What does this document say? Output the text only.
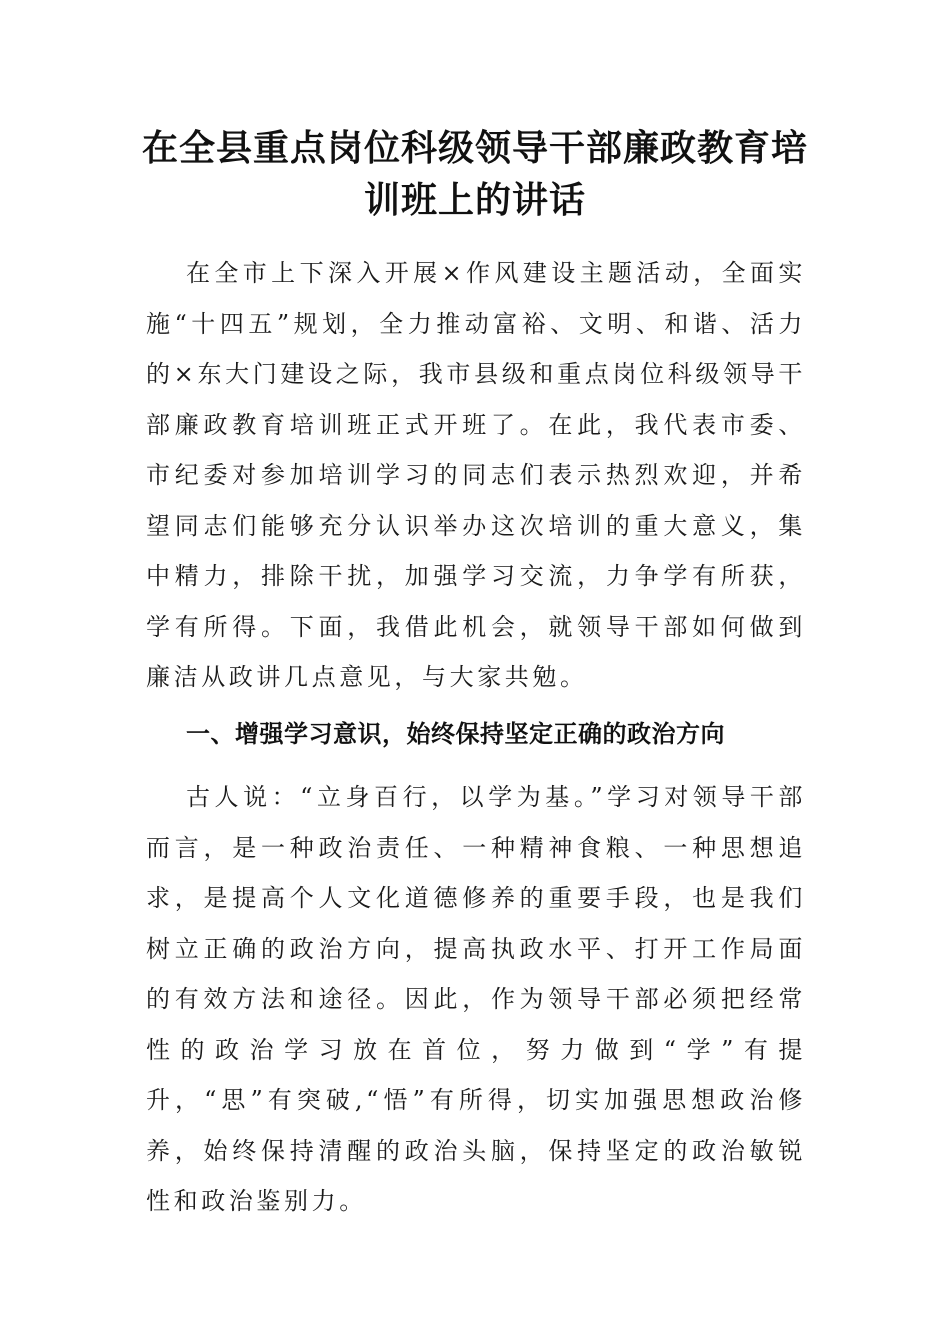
在全县重点岗位科级领导干部廉政教育培训班上的讲话

在全市上下深入开展×作风建设主题活动，全面实施“十四五”规划，全力推动富裕、文明、和谐、活力的×东大门建设之际，我市县级和重点岗位科级领导干部廉政教育培训班正式开班了。在此，我代表市委、市纪委对参加培训学习的同志们表示热烈欢迎，并希望同志们能够充分认识举办这次培训的重大意义，集中精力，排除干扰，加强学习交流，力争学有所获，学有所得。下面，我借此机会，就领导干部如何做到廉洁从政讲几点意见，与大家共勉。

一、增强学习意识，始终保持坚定正确的政治方向

古人说：“立身百行，以学为基。”学习对领导干部而言，是一种政治责任、一种精神食粮、一种思想追求，是提高个人文化道德修养的重要手段，也是我们树立正确的政治方向，提高执政水平、打开工作局面的有效方法和途径。因此，作为领导干部必须把经常性的政治学习放在首位，努力做到“学”有提升，“思”有突破,“悟”有所得，切实加强思想政治修养，始终保持清醒的政治头脑，保持坚定的政治敏锐性和政治鉴别力。
